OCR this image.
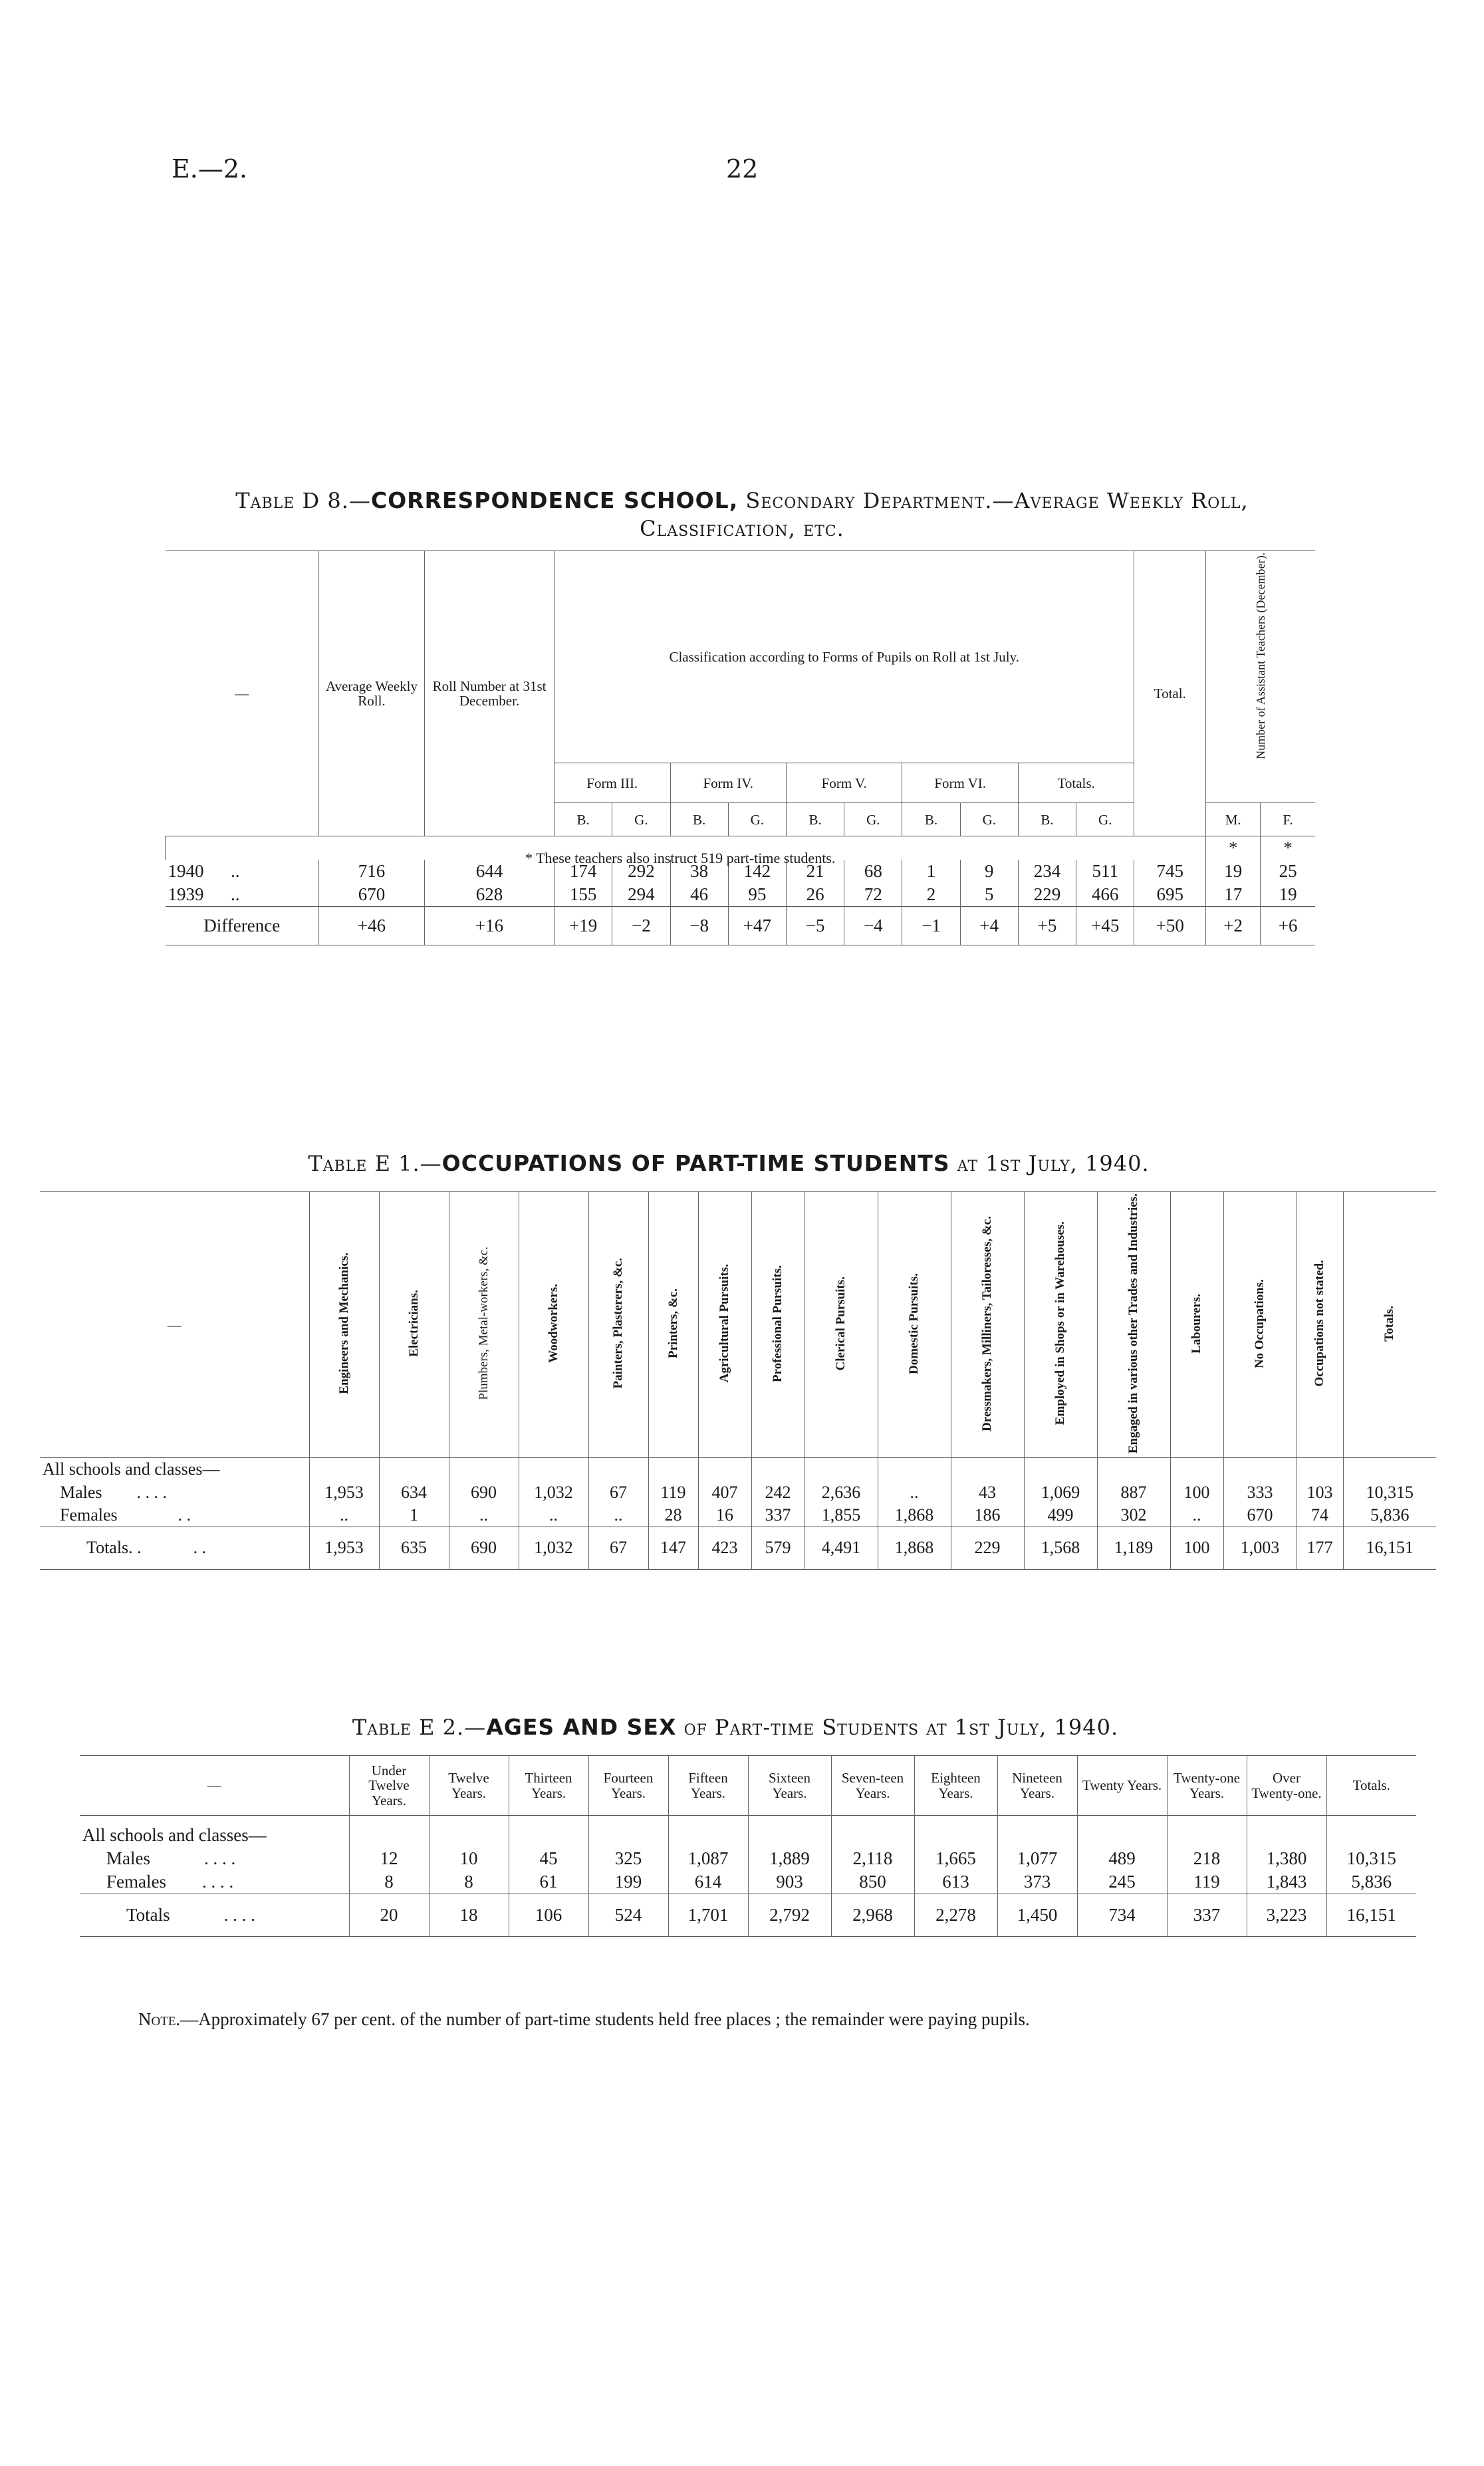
E.—2.	22
Table D 8.—CORRESPONDENCE SCHOOL, Secondary Department.—Average Weekly Roll,
Classification, etc.
—	Average Weekly Roll.	Roll Number at 31st December.	Classification according to Forms of Pupils on Roll at 1st July.										Total.	Number of Assistant Teachers (December).	
			Form III.		Form IV.		Form V.		Form VI.		Totals.				
			B.	G.	B.	G.	B.	G.	B.	G.	B.	G.		M.	F.
														*	*
1940 ..	716	644	174	292	38	142	21	68	1	9	234	511	745	19	25
1939 ..	670	628	155	294	46	95	26	72	2	5	229	466	695	17	19
Difference	+46	+16	+19	−2	−8	+47	−5	−4	−1	+4	+5	+45	+50	+2	+6
* These teachers also instruct 519 part-time students.
Table E 1.—OCCUPATIONS OF PART-TIME STUDENTS at 1st July, 1940.
—	Engineers and Mechanics.	Electricians.	Plumbers, Metal-workers, &c.	Woodworkers.	Painters, Plasterers, &c.	Printers, &c.	Agricultural Pursuits.	Professional Pursuits.	Clerical Pursuits.	Domestic Pursuits.	Dressmakers, Milliners, Tailoresses, &c.	Employed in Shops or in Warehouses.	Engaged in various other Trades and Industries.	Labourers.	No Occupations.	Occupations not stated.	Totals.
All schools and classes—																	
Males . . . .	1,953	634	690	1,032	67	119	407	242	2,636	..	43	1,069	887	100	333	103	10,315
Females . .	..	1	..	..	..	28	16	337	1,855	1,868	186	499	302	..	670	74	5,836
Totals. . . .	1,953	635	690	1,032	67	147	423	579	4,491	1,868	229	1,568	1,189	100	1,003	177	16,151
Table E 2.—AGES AND SEX of Part-time Students at 1st July, 1940.
—	Under Twelve Years.	Twelve Years.	Thirteen Years.	Fourteen Years.	Fifteen Years.	Sixteen Years.	Seven-teen Years.	Eighteen Years.	Nineteen Years.	Twenty Years.	Twenty-one Years.	Over Twenty-one.	Totals.
All schools and classes—													
Males . . . .	12	10	45	325	1,087	1,889	2,118	1,665	1,077	489	218	1,380	10,315
Females . . . .	8	8	61	199	614	903	850	613	373	245	119	1,843	5,836
Totals . . . .	20	18	106	524	1,701	2,792	2,968	2,278	1,450	734	337	3,223	16,151
Note.—Approximately 67 per cent. of the number of part-time students held free places ; the remainder were paying pupils.
